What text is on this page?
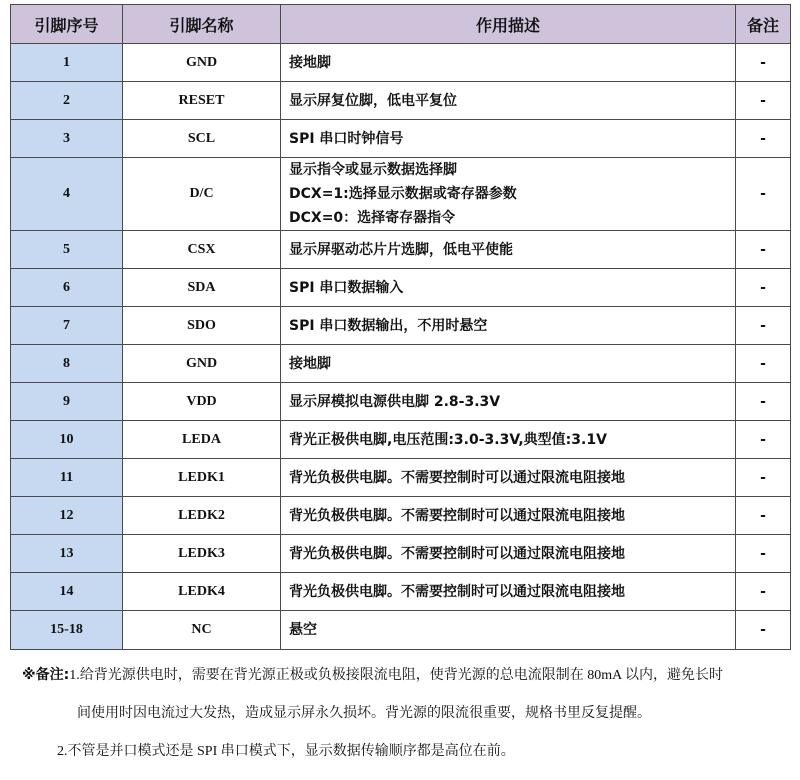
引脚序号	引脚名称	作用描述	备注
1	GND	接地脚	-
2	RESET	显示屏复位脚，低电平复位	-
3	SCL	SPI 串口时钟信号	-
4	D/C	显示指令或显示数据选择脚
DCX=1:选择显示数据或寄存器参数
DCX=0：选择寄存器指令	-
5	CSX	显示屏驱动芯片片选脚，低电平使能	-
6	SDA	SPI 串口数据输入	-
7	SDO	SPI 串口数据输出，不用时悬空	-
8	GND	接地脚	-
9	VDD	显示屏模拟电源供电脚 2.8-3.3V	-
10	LEDA	背光正极供电脚,电压范围:3.0-3.3V,典型值:3.1V	-
11	LEDK1	背光负极供电脚。不需要控制时可以通过限流电阻接地	-
12	LEDK2	背光负极供电脚。不需要控制时可以通过限流电阻接地	-
13	LEDK3	背光负极供电脚。不需要控制时可以通过限流电阻接地	-
14	LEDK4	背光负极供电脚。不需要控制时可以通过限流电阻接地	-
15-18	NC	悬空	-
※备注:1.给背光源供电时，需要在背光源正极或负极接限流电阻，使背光源的总电流限制在 80mA 以内，避免长时
间使用时因电流过大发热，造成显示屏永久损坏。背光源的限流很重要，规格书里反复提醒。
2.不管是并口模式还是 SPI 串口模式下，显示数据传输顺序都是高位在前。
